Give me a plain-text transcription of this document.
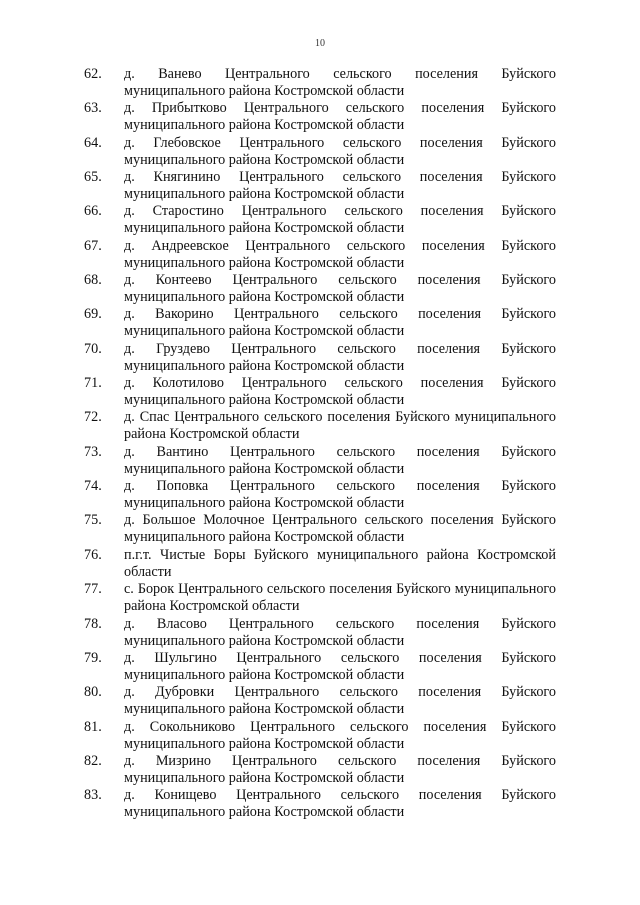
10
62.	д. Ванево Центрального сельского поселения Буйского муниципального района Костромской области
63.	д. Прибытково Центрального сельского поселения Буйского муниципального района Костромской области
64.	д. Глебовское Центрального сельского поселения Буйского муниципального района Костромской области
65.	д. Княгинино Центрального сельского поселения Буйского муниципального района Костромской области
66.	д. Старостино Центрального сельского поселения Буйского муниципального района Костромской области
67.	д. Андреевское Центрального сельского поселения Буйского муниципального района Костромской области
68.	д. Контеево Центрального сельского поселения Буйского муниципального района Костромской области
69.	д. Вакорино Центрального сельского поселения Буйского муниципального района Костромской области
70.	д. Груздево Центрального сельского поселения Буйского муниципального района Костромской области
71.	д. Колотилово Центрального сельского поселения Буйского муниципального района Костромской области
72.	д. Спас Центрального сельского поселения Буйского муниципального района Костромской области
73.	д. Вантино Центрального сельского поселения Буйского муниципального района Костромской области
74.	д. Поповка Центрального сельского поселения Буйского муниципального района Костромской области
75.	д. Большое Молочное Центрального сельского поселения Буйского муниципального района Костромской области
76.	п.г.т. Чистые Боры Буйского муниципального района Костромской области
77.	с. Борок Центрального сельского поселения Буйского муниципального района Костромской области
78.	д. Власово Центрального сельского поселения Буйского муниципального района Костромской области
79.	д. Шульгино Центрального сельского поселения Буйского муниципального района Костромской области
80.	д. Дубровки Центрального сельского поселения Буйского муниципального района Костромской области
81.	д. Сокольниково Центрального сельского поселения Буйского муниципального района Костромской области
82.	д. Мизрино Центрального сельского поселения Буйского муниципального района Костромской области
83.	д. Конищево Центрального сельского поселения Буйского муниципального района Костромской области
